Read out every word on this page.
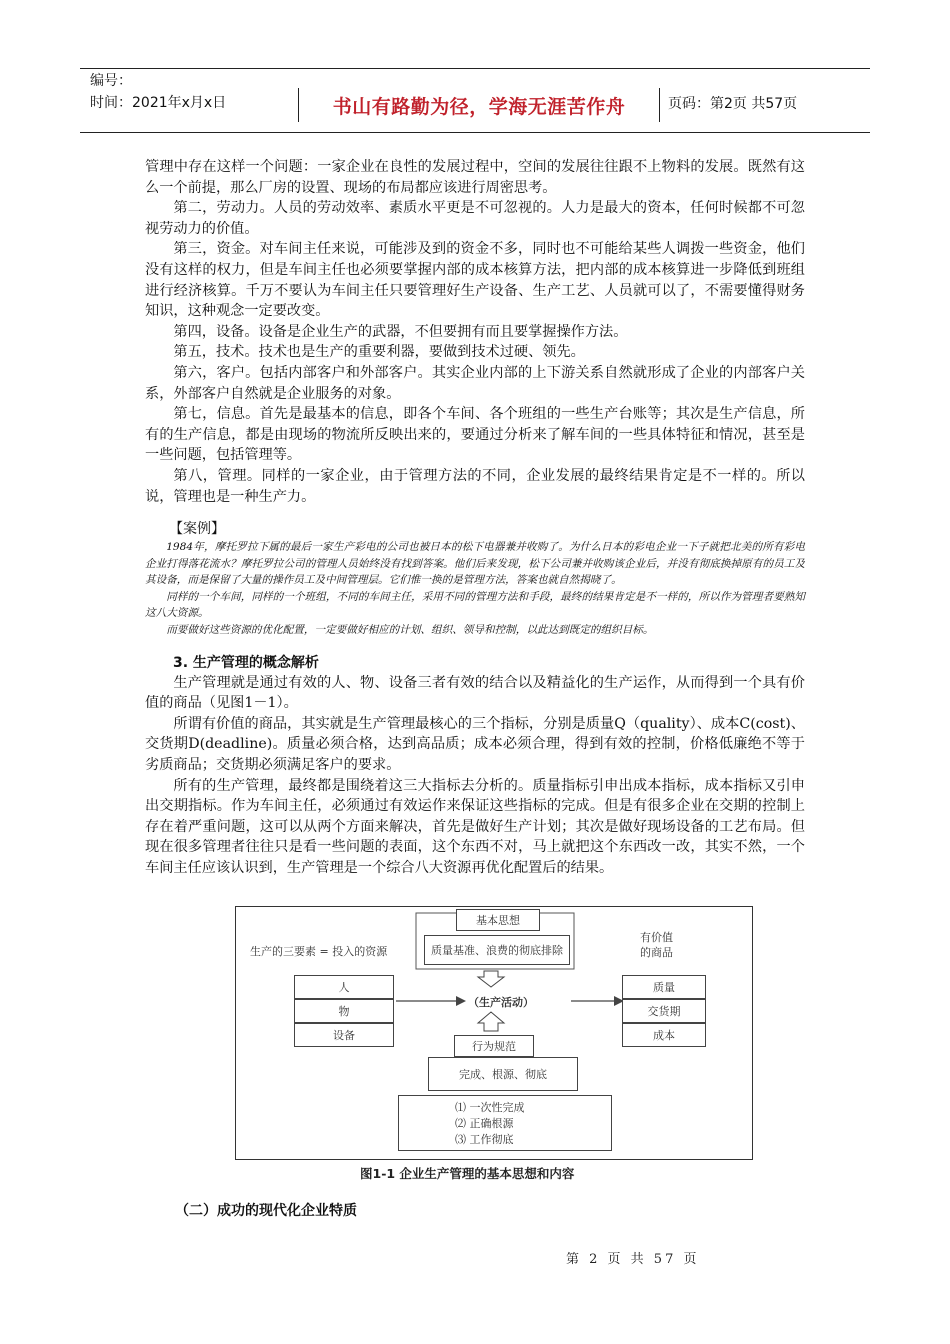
编号：
时间：2021年x月x日	书山有路勤为径，学海无涯苦作舟	页码：第2页 共57页

管理中存在这样一个问题：一家企业在良性的发展过程中，空间的发展往往跟不上物料的发展。既然有这么一个前提，那么厂房的设置、现场的布局都应该进行周密思考。

第二，劳动力。人员的劳动效率、素质水平更是不可忽视的。人力是最大的资本，任何时候都不可忽视劳动力的价值。

第三，资金。对车间主任来说，可能涉及到的资金不多，同时也不可能给某些人调拨一些资金，他们没有这样的权力，但是车间主任也必须要掌握内部的成本核算方法，把内部的成本核算进一步降低到班组进行经济核算。千万不要认为车间主任只要管理好生产设备、生产工艺、人员就可以了，不需要懂得财务知识，这种观念一定要改变。

第四，设备。设备是企业生产的武器，不但要拥有而且要掌握操作方法。

第五，技术。技术也是生产的重要利器，要做到技术过硬、领先。

第六，客户。包括内部客户和外部客户。其实企业内部的上下游关系自然就形成了企业的内部客户关系，外部客户自然就是企业服务的对象。

第七，信息。首先是最基本的信息，即各个车间、各个班组的一些生产台账等；其次是生产信息，所有的生产信息，都是由现场的物流所反映出来的，要通过分析来了解车间的一些具体特征和情况，甚至是一些问题，包括管理等。

第八，管理。同样的一家企业，由于管理方法的不同，企业发展的最终结果肯定是不一样的。所以说，管理也是一种生产力。

【案例】

1984年，摩托罗拉下属的最后一家生产彩电的公司也被日本的松下电器兼并收购了。为什么日本的彩电企业一下子就把北美的所有彩电企业打得落花流水？摩托罗拉公司的管理人员始终没有找到答案。他们后来发现，松下公司兼并收购该企业后，并没有彻底换掉原有的员工及其设备，而是保留了大量的操作员工及中间管理层。它们惟一换的是管理方法，答案也就自然揭晓了。

同样的一个车间，同样的一个班组，不同的车间主任，采用不同的管理方法和手段，最终的结果肯定是不一样的，所以作为管理者要熟知这八大资源。

而要做好这些资源的优化配置，一定要做好相应的计划、组织、领导和控制，以此达到既定的组织目标。

3. 生产管理的概念解析

生产管理就是通过有效的人、物、设备三者有效的结合以及精益化的生产运作，从而得到一个具有价值的商品（见图1－1）。

所谓有价值的商品，其实就是生产管理最核心的三个指标，分别是质量Q（quality）、成本C(cost)、交货期D(deadline)。质量必须合格，达到高品质；成本必须合理，得到有效的控制，价格低廉绝不等于劣质商品；交货期必须满足客户的要求。

所有的生产管理，最终都是围绕着这三大指标去分析的。质量指标引申出成本指标，成本指标又引申出交期指标。作为车间主任，必须通过有效运作来保证这些指标的完成。但是有很多企业在交期的控制上存在着严重问题，这可以从两个方面来解决，首先是做好生产计划；其次是做好现场设备的工艺布局。但现在很多管理者往往只是看一些问题的表面，这个东西不对，马上就把这个东西改一改，其实不然，一个车间主任应该认识到，生产管理是一个综合八大资源再优化配置后的结果。

基本思想
质量基准、浪费的彻底排除
生产的三要素 = 投入的资源
有价值
的商品
人
物
设备
（生产活动）
质量
交货期
成本
行为规范
完成、根源、彻底
⑴ 一次性完成
⑵ 正确根源
⑶ 工作彻底
图1-1 企业生产管理的基本思想和内容
（二）成功的现代化企业特质
第 2 页 共 57 页
